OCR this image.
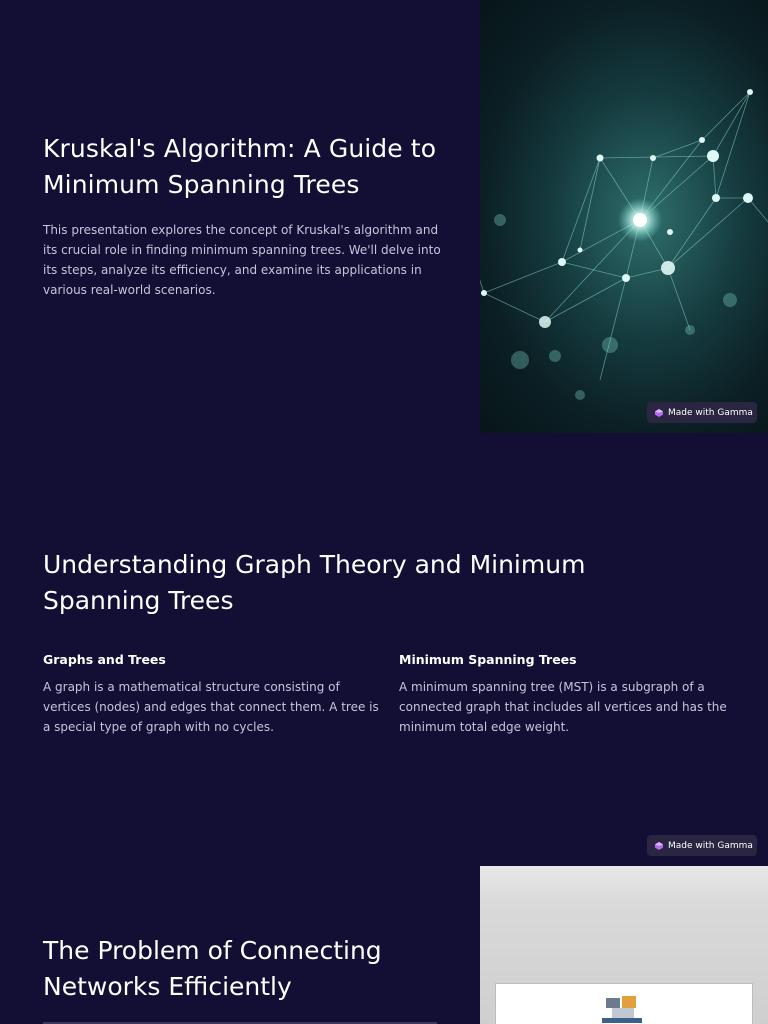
Kruskal's Algorithm: A Guide to Minimum Spanning Trees

This presentation explores the concept of Kruskal's algorithm and its crucial role in finding minimum spanning trees. We'll delve into its steps, analyze its efficiency, and examine its applications in various real-world scenarios.

Made with Gamma
Understanding Graph Theory and Minimum Spanning Trees
Graphs and Trees

A graph is a mathematical structure consisting of vertices (nodes) and edges that connect them. A tree is a special type of graph with no cycles.

Minimum Spanning Trees

A minimum spanning tree (MST) is a subgraph of a connected graph that includes all vertices and has the minimum total edge weight.

Made with Gamma
The Problem of Connecting Networks Efficiently
